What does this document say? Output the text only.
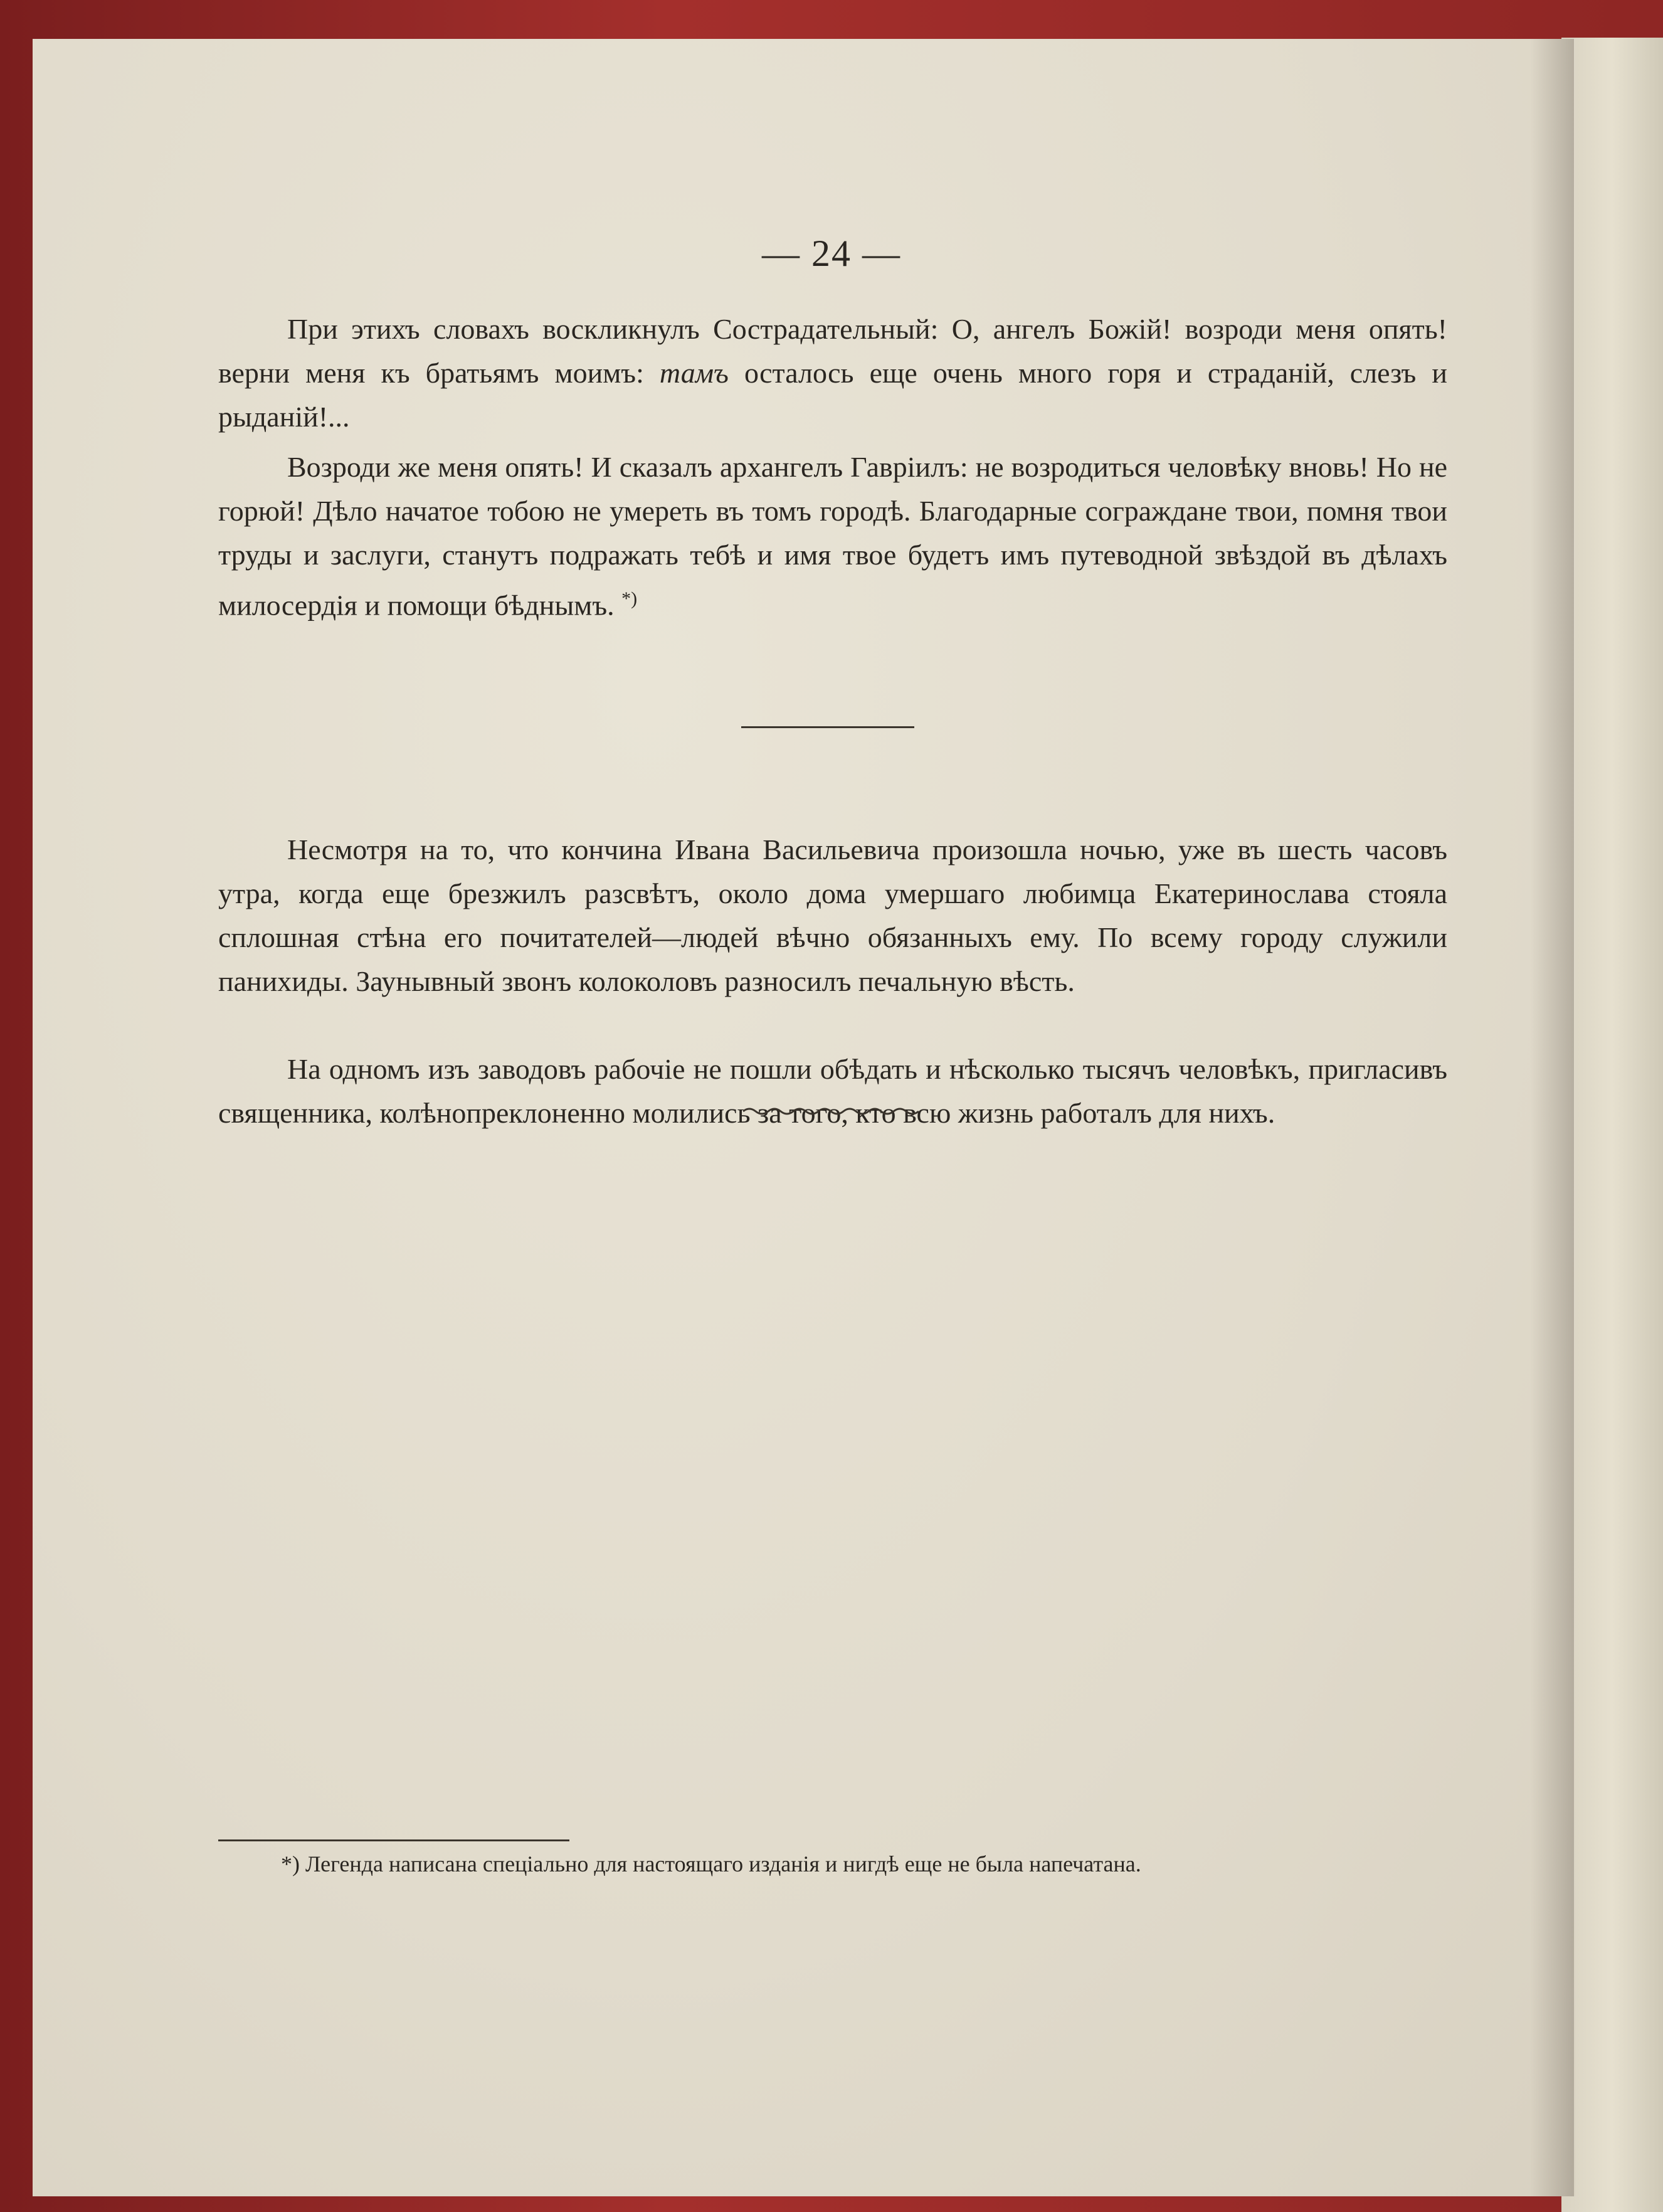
— 24 —

При этихъ словахъ воскликнулъ Сострадательный: О, ангелъ Божій! возроди меня опять! верни меня къ братьямъ моимъ: тамъ осталось еще очень много горя и страданій, слезъ и рыданій!...

Возроди же меня опять! И сказалъ архангелъ Гавріилъ: не возродиться человѣку вновь! Но не горюй! Дѣло начатое тобою не умереть въ томъ городѣ. Благодарные сограждане твои, помня твои труды и заслуги, станутъ подражать тебѣ и имя твое будетъ имъ путеводной звѣздой въ дѣлахъ милосердія и помощи бѣднымъ. *)

Несмотря на то, что кончина Ивана Васильевича произошла ночью, уже въ шесть часовъ утра, когда еще брезжилъ разсвѣтъ, около дома умершаго любимца Екатеринослава стояла сплошная стѣна его почитателей—людей вѣчно обязанныхъ ему. По всему городу служили панихиды. Заунывный звонъ колоколовъ разносилъ печальную вѣсть.

На одномъ изъ заводовъ рабочіе не пошли обѣдать и нѣсколько тысячъ человѣкъ, пригласивъ священника, колѣнопреклоненно молились за того, кто всю жизнь работалъ для нихъ.

*) Легенда написана спеціально для настоящаго изданія и нигдѣ еще не была напечатана.
